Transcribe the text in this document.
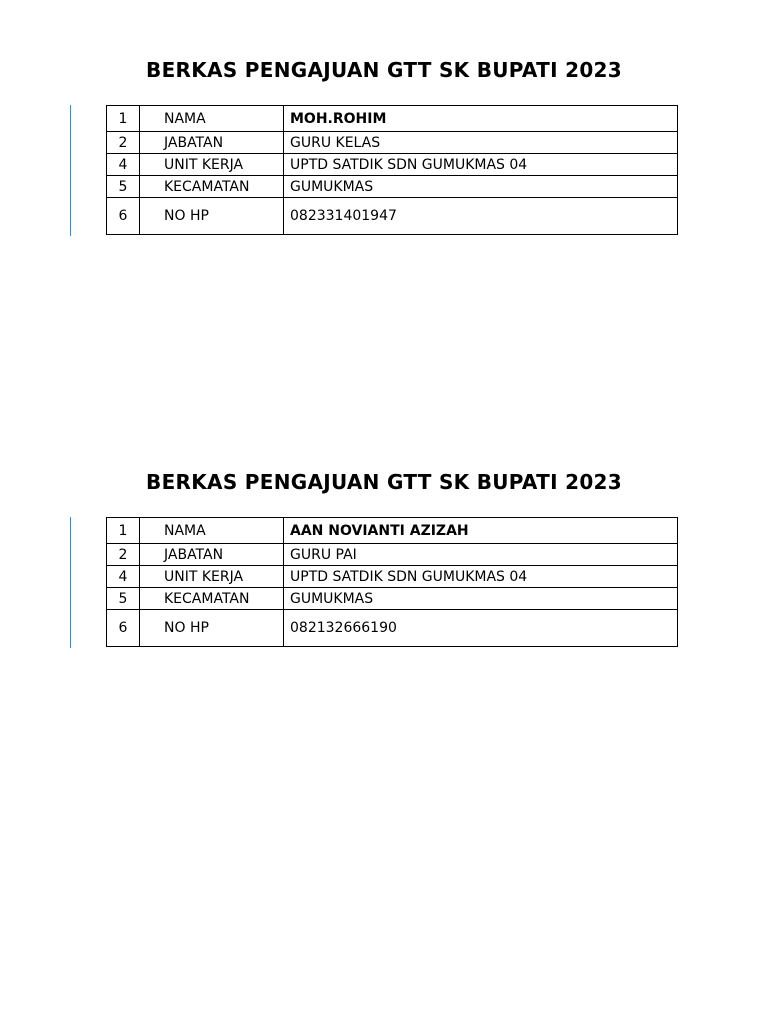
BERKAS PENGAJUAN GTT SK BUPATI 2023
1	NAMA	MOH.ROHIM
2	JABATAN	GURU KELAS
4	UNIT KERJA	UPTD SATDIK SDN GUMUKMAS 04
5	KECAMATAN	GUMUKMAS
6	NO HP	082331401947
BERKAS PENGAJUAN GTT SK BUPATI 2023
1	NAMA	AAN NOVIANTI AZIZAH
2	JABATAN	GURU PAI
4	UNIT KERJA	UPTD SATDIK SDN GUMUKMAS 04
5	KECAMATAN	GUMUKMAS
6	NO HP	082132666190
